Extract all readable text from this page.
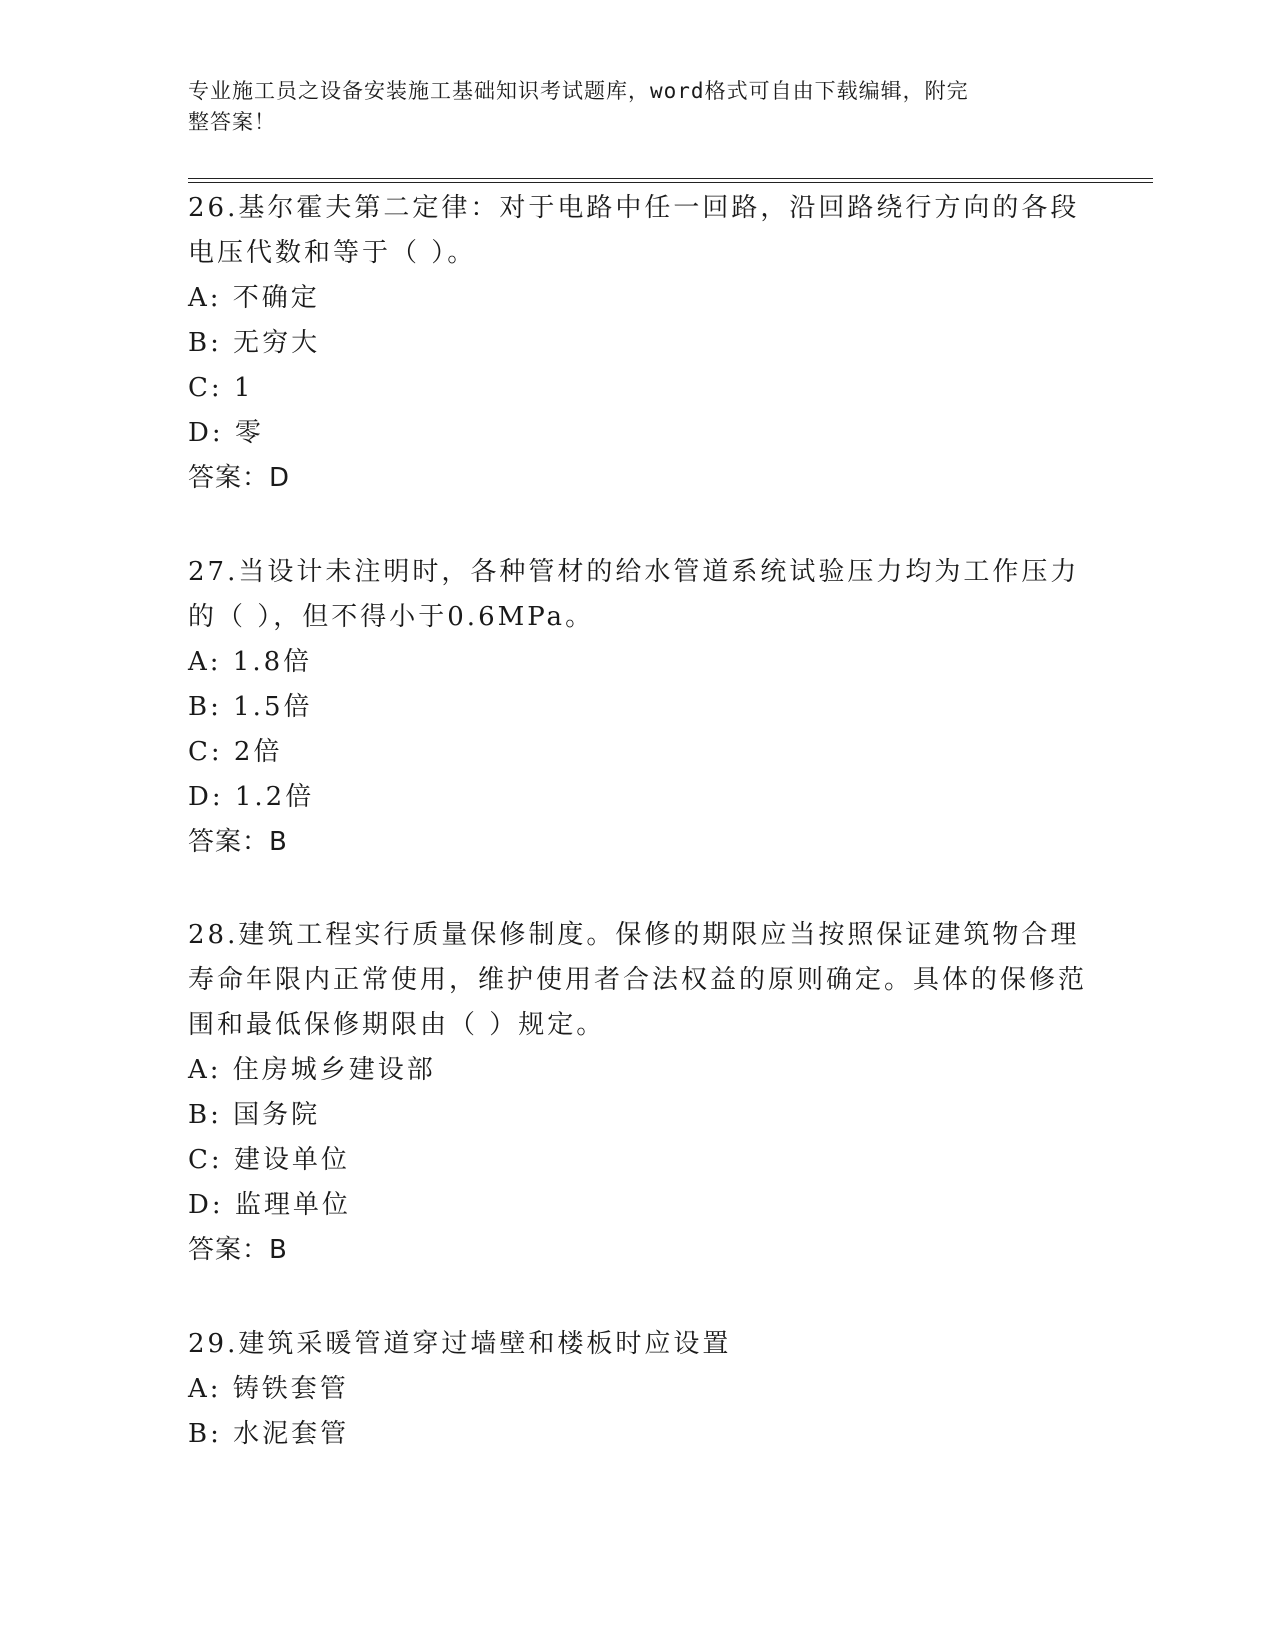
专业施工员之设备安装施工基础知识考试题库，word格式可自由下载编辑，附完
整答案！

26.基尔霍夫第二定律：对于电路中任一回路，沿回路绕行方向的各段电压代数和等于（ ）。

A: 不确定

B: 无穷大

C: 1

D: 零

答案：D

27.当设计未注明时，各种管材的给水管道系统试验压力均为工作压力的（ ），但不得小于0.6MPa。

A: 1.8倍

B: 1.5倍

C: 2倍

D: 1.2倍

答案：B

28.建筑工程实行质量保修制度。保修的期限应当按照保证建筑物合理寿命年限内正常使用，维护使用者合法权益的原则确定。具体的保修范围和最低保修期限由（ ）规定。

A: 住房城乡建设部

B: 国务院

C: 建设单位

D: 监理单位

答案：B

29.建筑采暖管道穿过墙壁和楼板时应设置

A: 铸铁套管

B: 水泥套管
